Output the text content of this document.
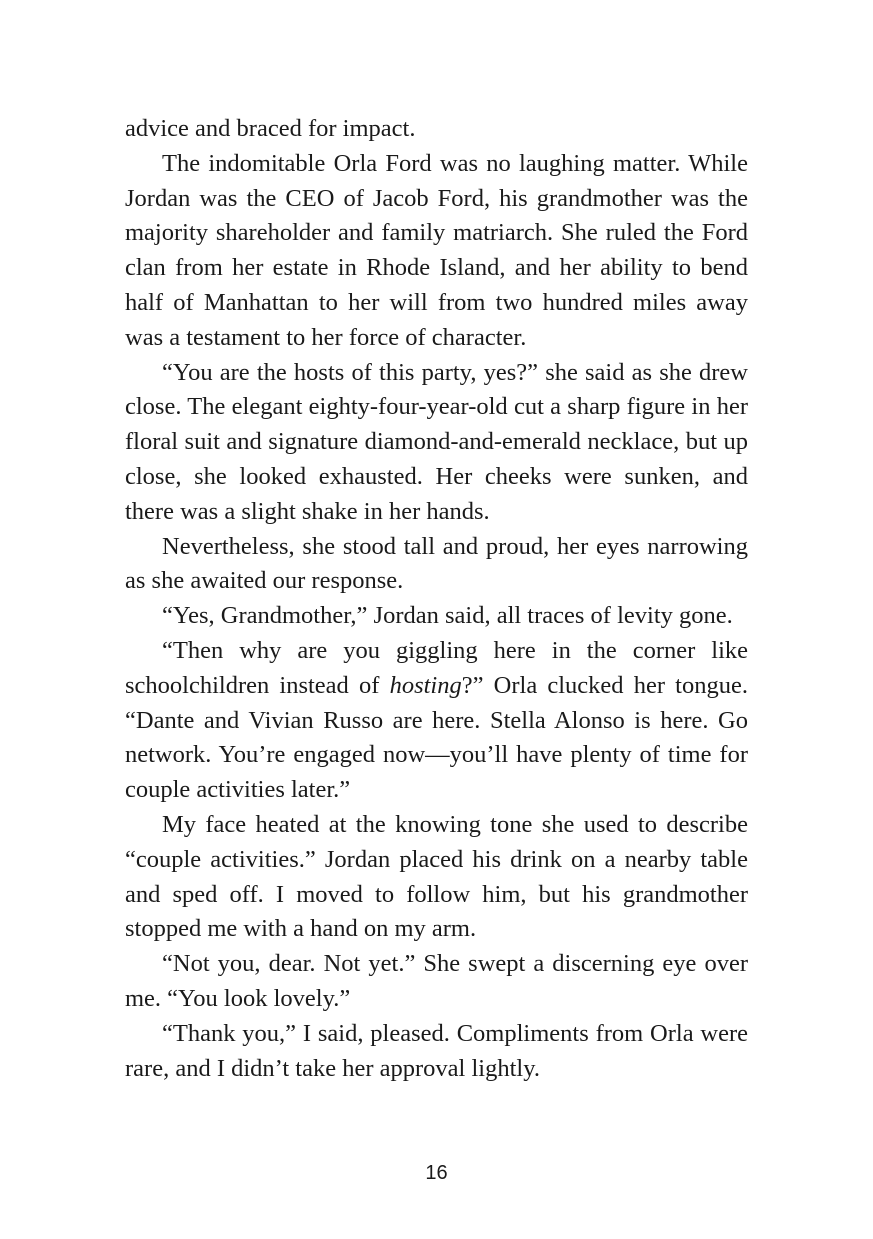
advice and braced for impact.

The indomitable Orla Ford was no laughing matter. While Jordan was the CEO of Jacob Ford, his grandmother was the majority shareholder and family matriarch. She ruled the Ford clan from her estate in Rhode Island, and her ability to bend half of Manhattan to her will from two hundred miles away was a testament to her force of character.

“You are the hosts of this party, yes?” she said as she drew close. The elegant eighty-four-year-old cut a sharp figure in her floral suit and signature diamond-and-emerald necklace, but up close, she looked exhausted. Her cheeks were sunken, and there was a slight shake in her hands.

Nevertheless, she stood tall and proud, her eyes narrowing as she awaited our response.

“Yes, Grandmother,” Jordan said, all traces of levity gone.

“Then why are you giggling here in the corner like schoolchildren instead of hosting?” Orla clucked her tongue. “Dante and Vivian Russo are here. Stella Alonso is here. Go network. You’re engaged now—you’ll have plenty of time for couple activities later.”

My face heated at the knowing tone she used to describe “couple activities.” Jordan placed his drink on a nearby table and sped off. I moved to follow him, but his grandmother stopped me with a hand on my arm.

“Not you, dear. Not yet.” She swept a discerning eye over me. “You look lovely.”

“Thank you,” I said, pleased. Compliments from Orla were rare, and I didn’t take her approval lightly.

16
